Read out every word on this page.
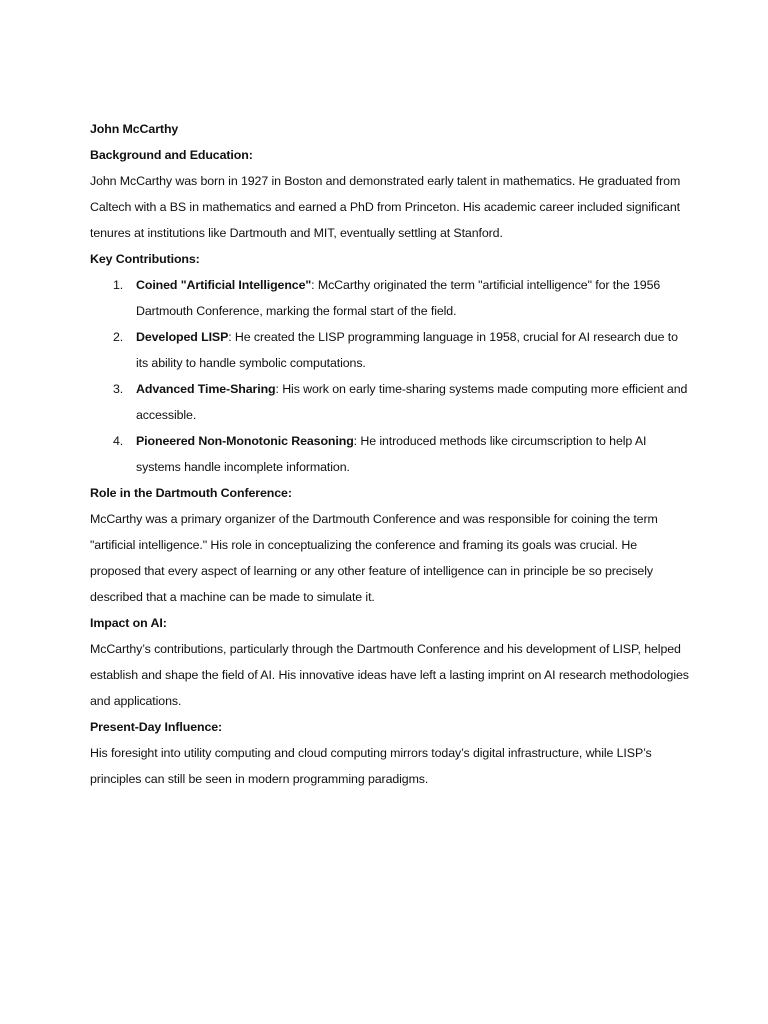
John McCarthy

Background and Education:

John McCarthy was born in 1927 in Boston and demonstrated early talent in mathematics. He graduated from Caltech with a BS in mathematics and earned a PhD from Princeton. His academic career included significant tenures at institutions like Dartmouth and MIT, eventually settling at Stanford.

Key Contributions:

1. Coined "Artificial Intelligence": McCarthy originated the term "artificial intelligence" for the 1956 Dartmouth Conference, marking the formal start of the field.
2. Developed LISP: He created the LISP programming language in 1958, crucial for AI research due to its ability to handle symbolic computations.
3. Advanced Time-Sharing: His work on early time-sharing systems made computing more efficient and accessible.
4. Pioneered Non-Monotonic Reasoning: He introduced methods like circumscription to help AI systems handle incomplete information.

Role in the Dartmouth Conference:

McCarthy was a primary organizer of the Dartmouth Conference and was responsible for coining the term "artificial intelligence." His role in conceptualizing the conference and framing its goals was crucial. He proposed that every aspect of learning or any other feature of intelligence can in principle be so precisely described that a machine can be made to simulate it.

Impact on AI:

McCarthy’s contributions, particularly through the Dartmouth Conference and his development of LISP, helped establish and shape the field of AI. His innovative ideas have left a lasting imprint on AI research methodologies and applications.

Present-Day Influence:

His foresight into utility computing and cloud computing mirrors today’s digital infrastructure, while LISP’s principles can still be seen in modern programming paradigms.
